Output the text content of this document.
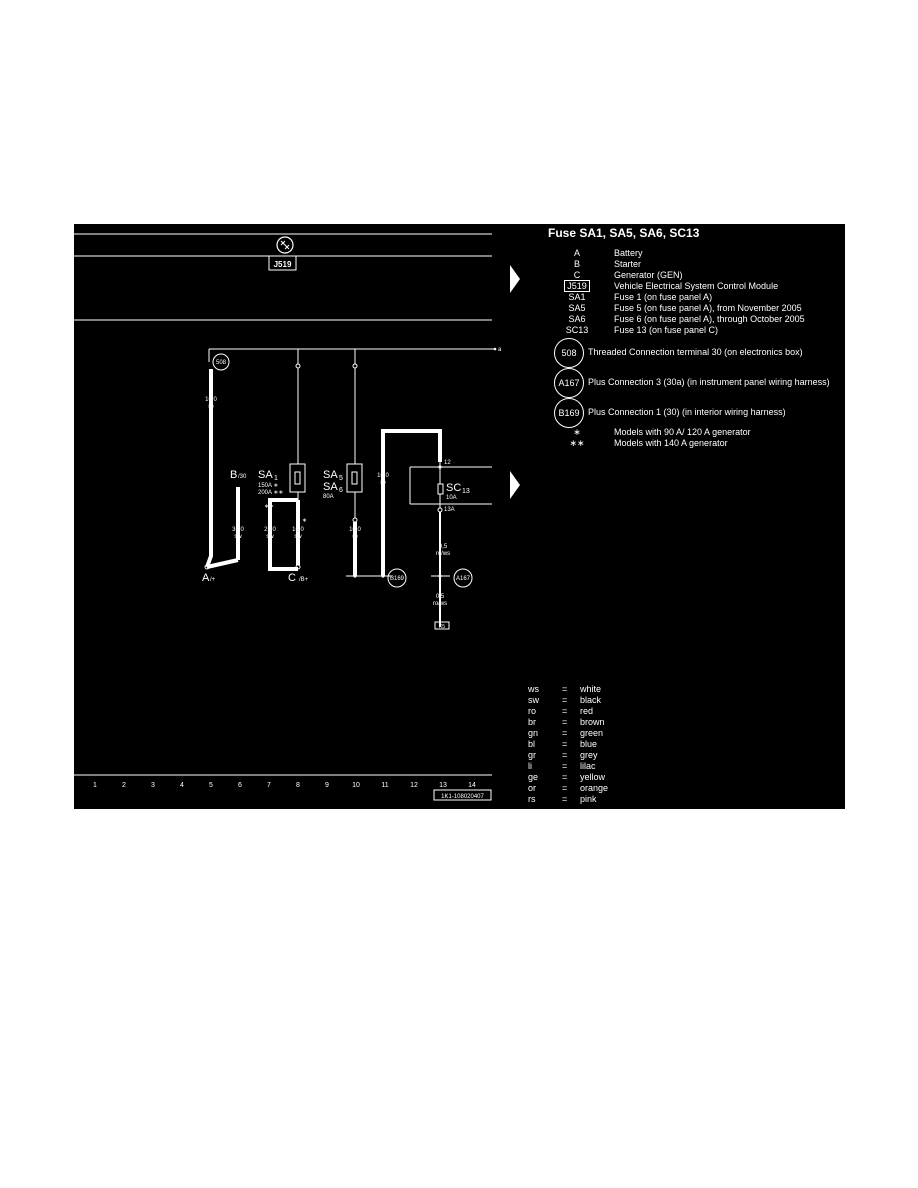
J519
a
508
16,0
ro
B /30
35,0
sw
A /+
SA 1
150A ∗
200A ∗∗
∗∗
∗
25,0
sw
16,0
sw
C /B+
SA 5
SA 6
80A
10,0
ro
B169
10,0
ro
12
SC 13
10A
13A
0,5
ro/ws
A167
0,5
ro/ws
X5
1	2	3	4	5	6	7	8	9	10	11	12	13	14
1K1-108020407
Fuse SA1, SA5, SA6, SC13
A	Battery
B	Starter
C	Generator (GEN)
J519	Vehicle Electrical System Control Module
SA1	Fuse 1 (on fuse panel A)
SA5	Fuse 5 (on fuse panel A), from November 2005
SA6	Fuse 6 (on fuse panel A), through October 2005
SC13	Fuse 13 (on fuse panel C)
508	Threaded Connection terminal 30 (on electronics box)
A167 Plus Connection 3 (30a) (in instrument panel wiring harness)
B169 Plus Connection 1 (30) (in interior wiring harness)
∗	Models with 90 A/ 120 A generator
∗∗	Models with 140 A generator
ws	=	white
sw	=	black
ro	=	red
br	=	brown
gn	=	green
bl	=	blue
gr	=	grey
li	=	lilac
ge	=	yellow
or	=	orange
rs	=	pink
